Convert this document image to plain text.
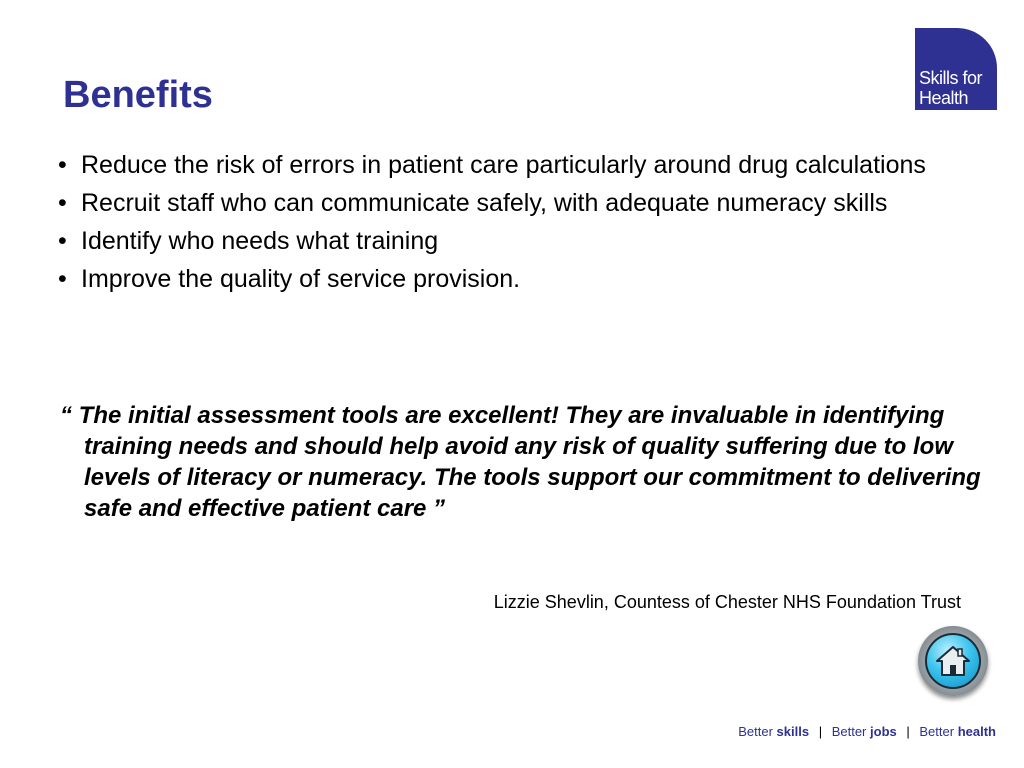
Benefits	Skills for
Health
• Reduce the risk of errors in patient care particularly around drug calculations
• Recruit staff who can communicate safely, with adequate numeracy skills
• Identify who needs what training
• Improve the quality of service provision.

“ The initial assessment tools are excellent! They are invaluable in identifying training needs and should help avoid any risk of quality suffering due to low levels of literacy or numeracy. The tools support our commitment to delivering safe and effective patient care ”

Lizzie Shevlin, Countess of Chester NHS Foundation Trust
Better skills | Better jobs | Better health
